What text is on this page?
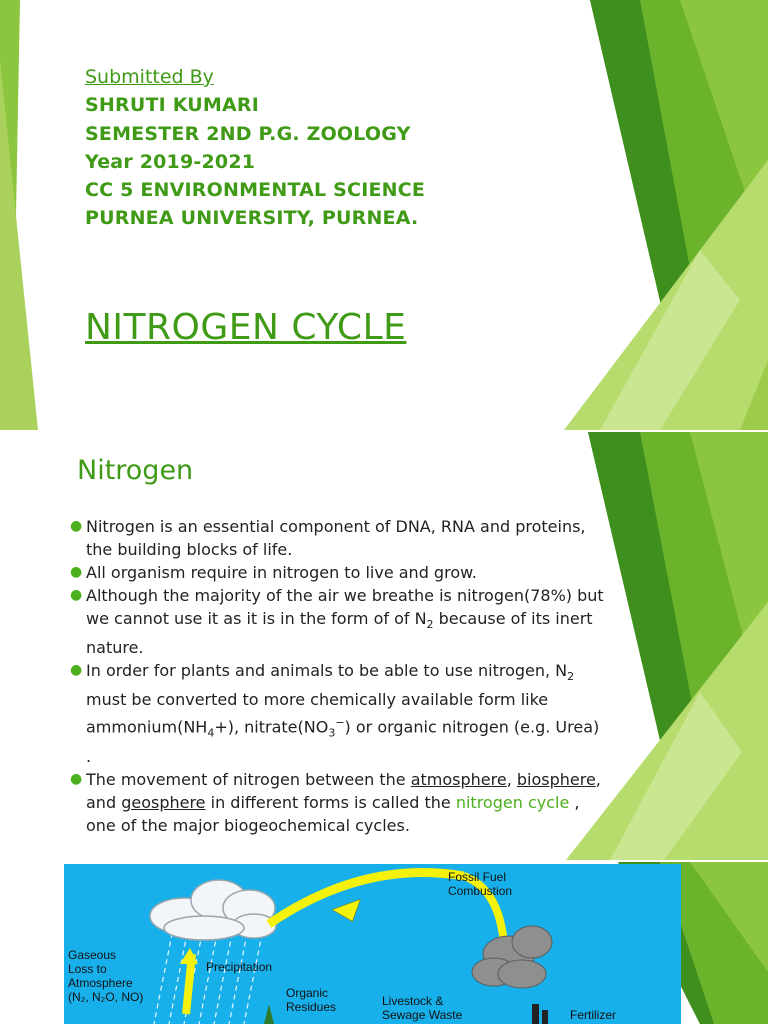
Submitted By
SHRUTI KUMARI
SEMESTER 2ND P.G. ZOOLOGY
Year 2019-2021
CC 5 ENVIRONMENTAL SCIENCE
PURNEA UNIVERSITY, PURNEA.
NITROGEN CYCLE
Nitrogen
● Nitrogen is an essential component of DNA, RNA and proteins, the building blocks of life.
● All organism require in nitrogen to live and grow.
● Although the majority of the air we breathe is nitrogen(78%) but we cannot use it as it is in the form of of $N_2$ because of its inert nature.
● In order for plants and animals to be able to use nitrogen, $N_2$ must be converted to more chemically available form like $ammonium(NH_4+)$, $nitrate(NO_3^-)$ or organic nitrogen (e.g. Urea) .
● The movement of nitrogen between the atmosphere, biosphere, and geosphere in different forms is called the nitrogen cycle , one of the major biogeochemical cycles.
Fossil Fuel
Combustion
Gaseous
Loss to
Atmosphere
(N₂, N₂O, NO)
Precipitation
Organic
Residues	Livestock &
Sewage Waste	Fertilizer
